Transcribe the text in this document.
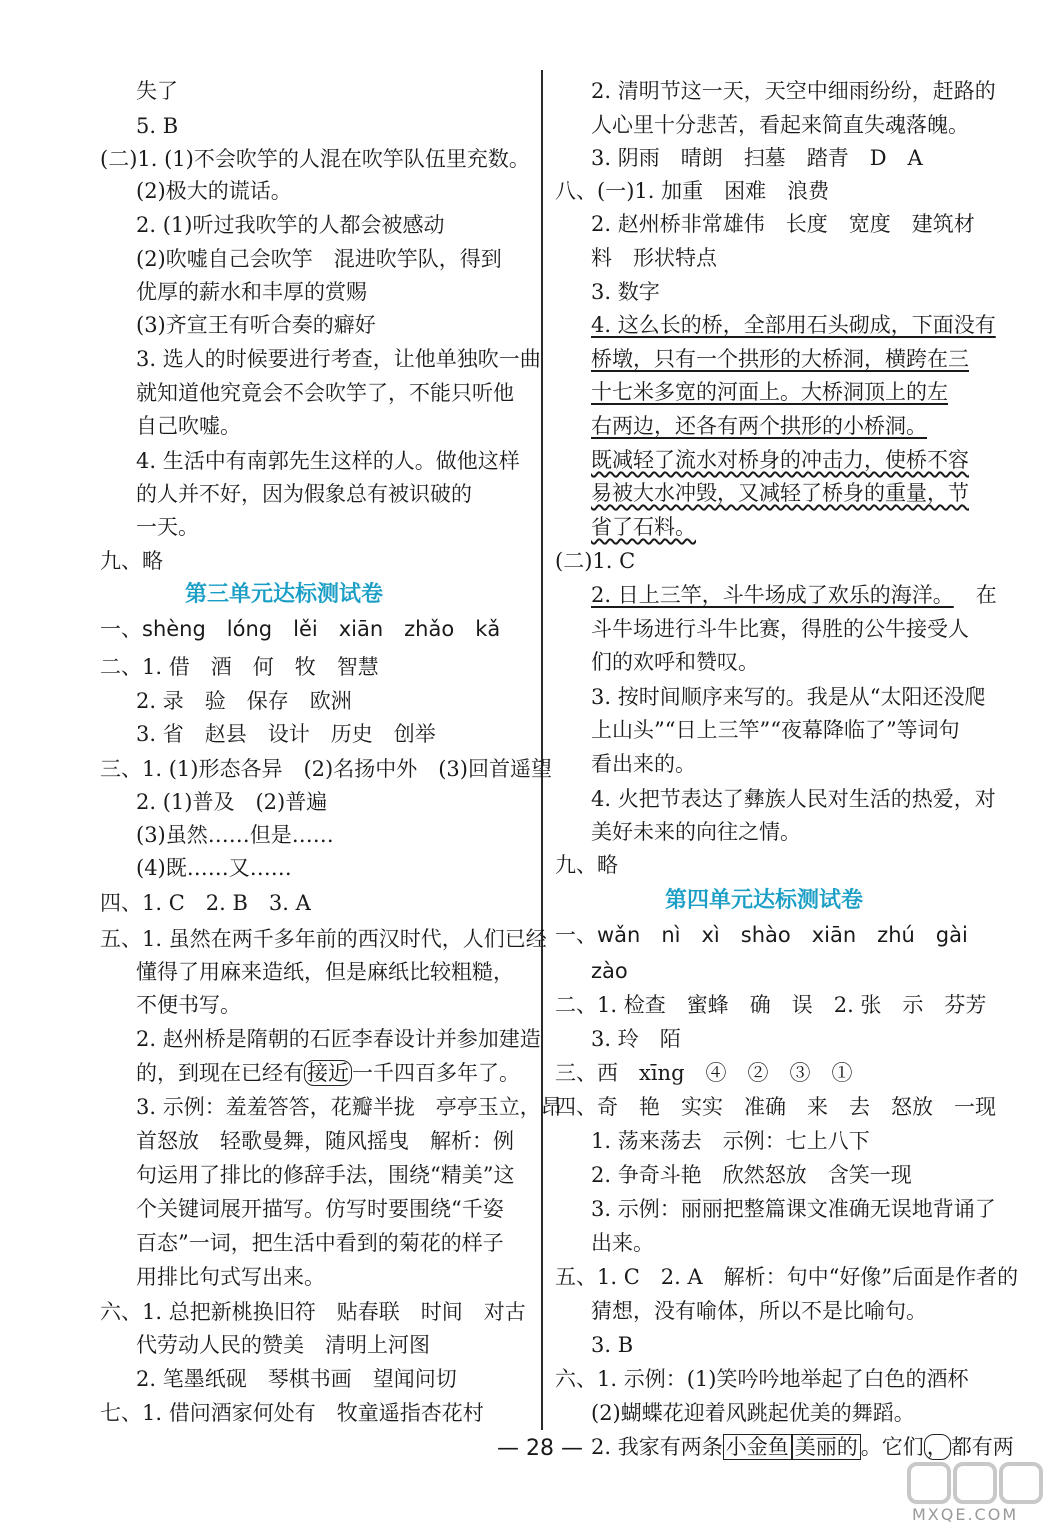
失了
5. B
(二)1. (1)不会吹竽的人混在吹竽队伍里充数。
(2)极大的谎话。
2. (1)听过我吹竽的人都会被感动
(2)吹嘘自己会吹竽　混进吹竽队，得到
优厚的薪水和丰厚的赏赐
(3)齐宣王有听合奏的癖好
3. 选人的时候要进行考查，让他单独吹一曲
就知道他究竟会不会吹竽了，不能只听他
自己吹嘘。
4. 生活中有南郭先生这样的人。做他这样
的人并不好，因为假象总有被识破的
一天。
九、略
第三单元达标测试卷
一、shèng　lóng　lěi　xiān　zhǎo　kǎ
二、1. 借　酒　何　牧　智慧
2. 录　验　保存　欧洲
3. 省　赵县　设计　历史　创举
三、1. (1)形态各异　(2)名扬中外　(3)回首遥望
2. (1)普及　(2)普遍
(3)虽然……但是……
(4)既……又……
四、1. C　2. B　3. A
五、1. 虽然在两千多年前的西汉时代，人们已经
懂得了用麻来造纸，但是麻纸比较粗糙，
不便书写。
2. 赵州桥是隋朝的石匠李春设计并参加建造
的，到现在已经有 接近 一千四百多年了。
3. 示例：羞羞答答，花瓣半拢　亭亭玉立，昂
首怒放　轻歌曼舞，随风摇曳　解析：例
句运用了排比的修辞手法，围绕“精美”这
个关键词展开描写。仿写时要围绕“千姿
百态”一词，把生活中看到的菊花的样子
用排比句式写出来。
六、1. 总把新桃换旧符　贴春联　时间　对古
代劳动人民的赞美　清明上河图
2. 笔墨纸砚　琴棋书画　望闻问切
七、1. 借问酒家何处有　牧童遥指杏花村
2. 清明节这一天，天空中细雨纷纷，赶路的
人心里十分悲苦，看起来简直失魂落魄。
3. 阴雨　晴朗　扫墓　踏青　D　A
八、(一)1. 加重　困难　浪费
2. 赵州桥非常雄伟　长度　宽度　建筑材
料　形状特点
3. 数字
4. 这么长的桥，全部用石头砌成，下面没有
桥墩，只有一个拱形的大桥洞，横跨在三
十七米多宽的河面上。大桥洞顶上的左
右两边，还各有两个拱形的小桥洞。
既减轻了流水对桥身的冲击力，使桥不容
易被大水冲毁，又减轻了桥身的重量，节
省了石料。
(二)1. C
2. 日上三竿，斗牛场成了欢乐的海洋。 在
斗牛场进行斗牛比赛，得胜的公牛接受人
们的欢呼和赞叹。
3. 按时间顺序来写的。我是从“太阳还没爬
上山头”“日上三竿”“夜幕降临了”等词句
看出来的。
4. 火把节表达了彝族人民对生活的热爱，对
美好未来的向往之情。
九、略
第四单元达标测试卷
一、wǎn　nì　xì　shào　xiān　zhú　gài
zào
二、1. 检查　蜜蜂　确　误　2. 张　示　芬芳
3. 玲　陌
三、西　xīng　④　②　③　①
四、奇　艳　实实　准确　来　去　怒放　一现
1. 荡来荡去　示例：七上八下
2. 争奇斗艳　欣然怒放　含笑一现
3. 示例：丽丽把整篇课文准确无误地背诵了
出来。
五、1. C　2. A　解析：句中“好像”后面是作者的
猜想，没有喻体，所以不是比喻句。
3. B
六、1. 示例：(1)笑吟吟地举起了白色的酒杯
(2)蝴蝶花迎着风跳起优美的舞蹈。
2. 我家有两条 小金鱼 美丽的 。它们 ， 都有两
— 28 —
MXQE.COM
